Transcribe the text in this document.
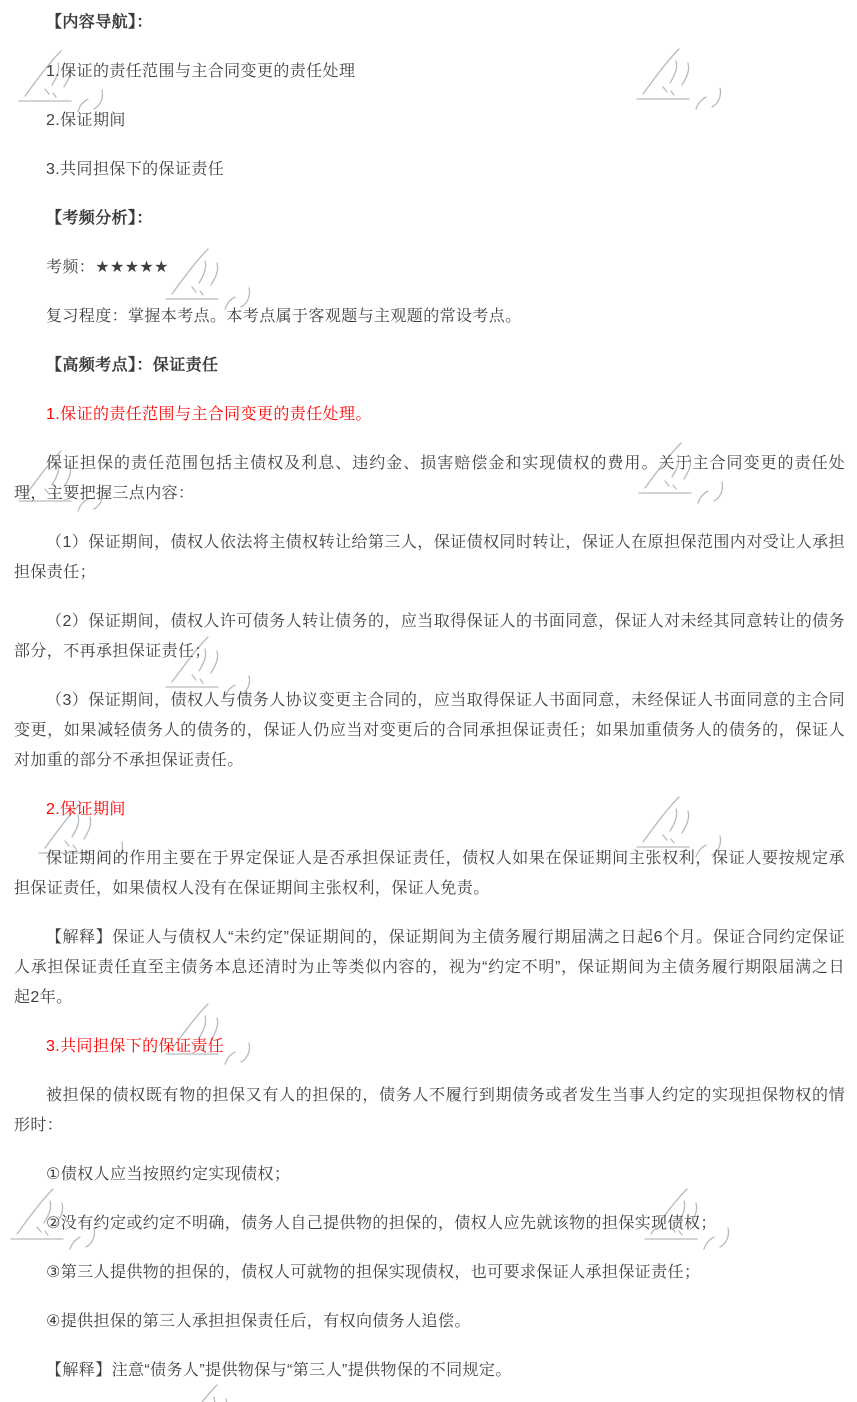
【内容导航】：

1.保证的责任范围与主合同变更的责任处理

2.保证期间

3.共同担保下的保证责任

【考频分析】：

考频：★★★★★

复习程度：掌握本考点。本考点属于客观题与主观题的常设考点。

【高频考点】：保证责任

1.保证的责任范围与主合同变更的责任处理。

保证担保的责任范围包括主债权及利息、违约金、损害赔偿金和实现债权的费用。关于主合同变更的责任处理，主要把握三点内容：

（1）保证期间，债权人依法将主债权转让给第三人，保证债权同时转让，保证人在原担保范围内对受让人承担担保责任；

（2）保证期间，债权人许可债务人转让债务的，应当取得保证人的书面同意，保证人对未经其同意转让的债务部分，不再承担保证责任；

（3）保证期间，债权人与债务人协议变更主合同的，应当取得保证人书面同意，未经保证人书面同意的主合同变更，如果减轻债务人的债务的，保证人仍应当对变更后的合同承担保证责任；如果加重债务人的债务的，保证人对加重的部分不承担保证责任。

2.保证期间

保证期间的作用主要在于界定保证人是否承担保证责任，债权人如果在保证期间主张权利，保证人要按规定承担保证责任，如果债权人没有在保证期间主张权利，保证人免责。

【解释】保证人与债权人“未约定”保证期间的，保证期间为主债务履行期届满之日起6个月。保证合同约定保证人承担保证责任直至主债务本息还清时为止等类似内容的，视为“约定不明”，保证期间为主债务履行期限届满之日起2年。

3.共同担保下的保证责任

被担保的债权既有物的担保又有人的担保的，债务人不履行到期债务或者发生当事人约定的实现担保物权的情形时：

①债权人应当按照约定实现债权；

②没有约定或约定不明确，债务人自己提供物的担保的，债权人应先就该物的担保实现债权；

③第三人提供物的担保的，债权人可就物的担保实现债权，也可要求保证人承担保证责任；

④提供担保的第三人承担担保责任后，有权向债务人追偿。

【解释】注意“债务人”提供物保与“第三人”提供物保的不同规定。
